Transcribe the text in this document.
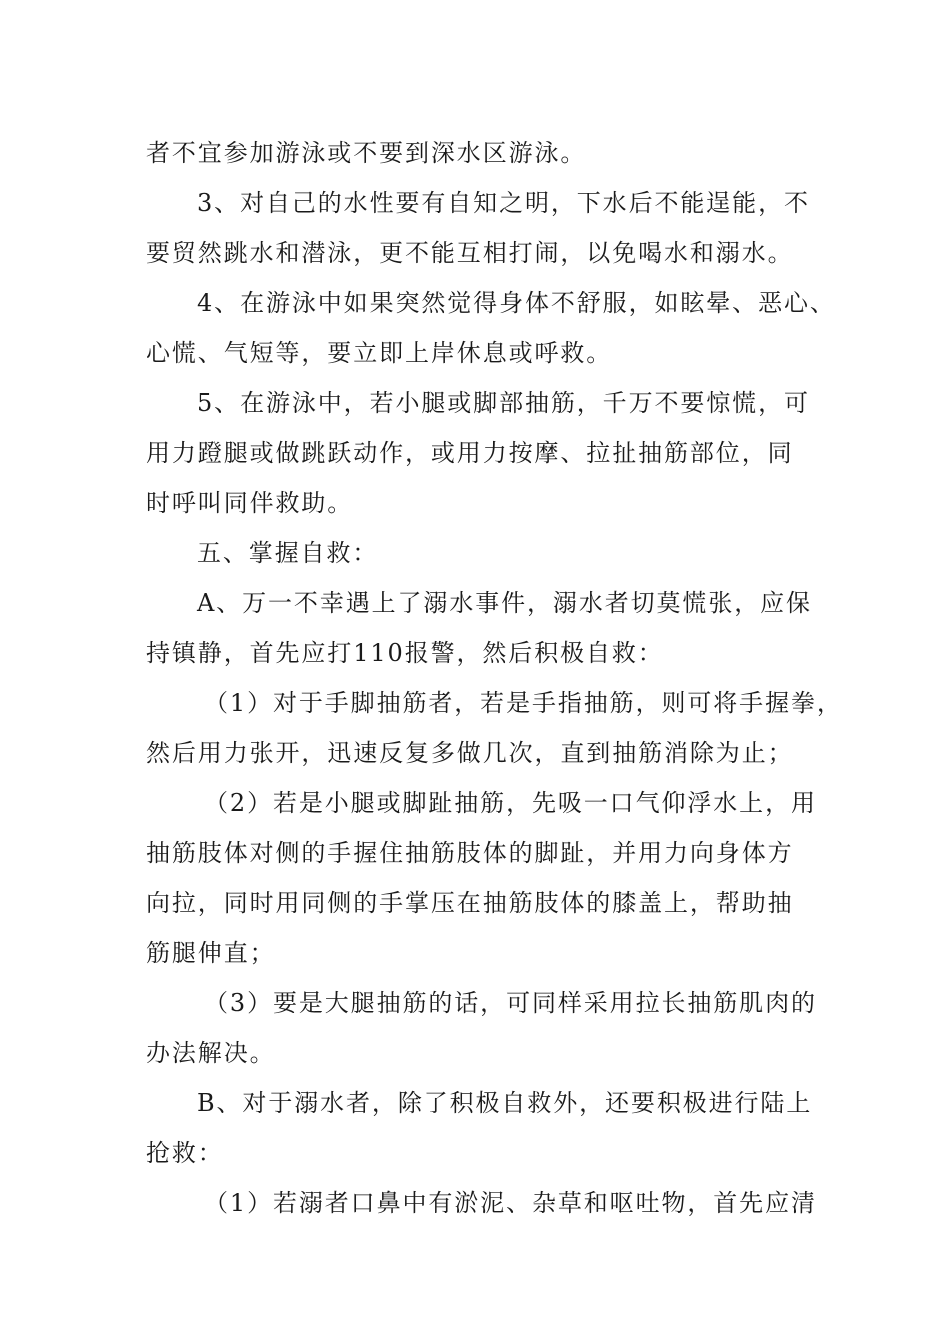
者不宜参加游泳或不要到深水区游泳。
3、对自己的水性要有自知之明，下水后不能逞能，不
要贸然跳水和潜泳，更不能互相打闹，以免喝水和溺水。
4、在游泳中如果突然觉得身体不舒服，如眩晕、恶心、
心慌、气短等，要立即上岸休息或呼救。
5、在游泳中，若小腿或脚部抽筋，千万不要惊慌，可
用力蹬腿或做跳跃动作，或用力按摩、拉扯抽筋部位，同
时呼叫同伴救助。
五、掌握自救：
A、万一不幸遇上了溺水事件，溺水者切莫慌张，应保
持镇静，首先应打110报警，然后积极自救：
（1）对于手脚抽筋者，若是手指抽筋，则可将手握拳，
然后用力张开，迅速反复多做几次，直到抽筋消除为止；
（2）若是小腿或脚趾抽筋，先吸一口气仰浮水上，用
抽筋肢体对侧的手握住抽筋肢体的脚趾，并用力向身体方
向拉，同时用同侧的手掌压在抽筋肢体的膝盖上，帮助抽
筋腿伸直；
（3）要是大腿抽筋的话，可同样采用拉长抽筋肌肉的
办法解决。
B、对于溺水者，除了积极自救外，还要积极进行陆上
抢救：
（1）若溺者口鼻中有淤泥、杂草和呕吐物，首先应清
